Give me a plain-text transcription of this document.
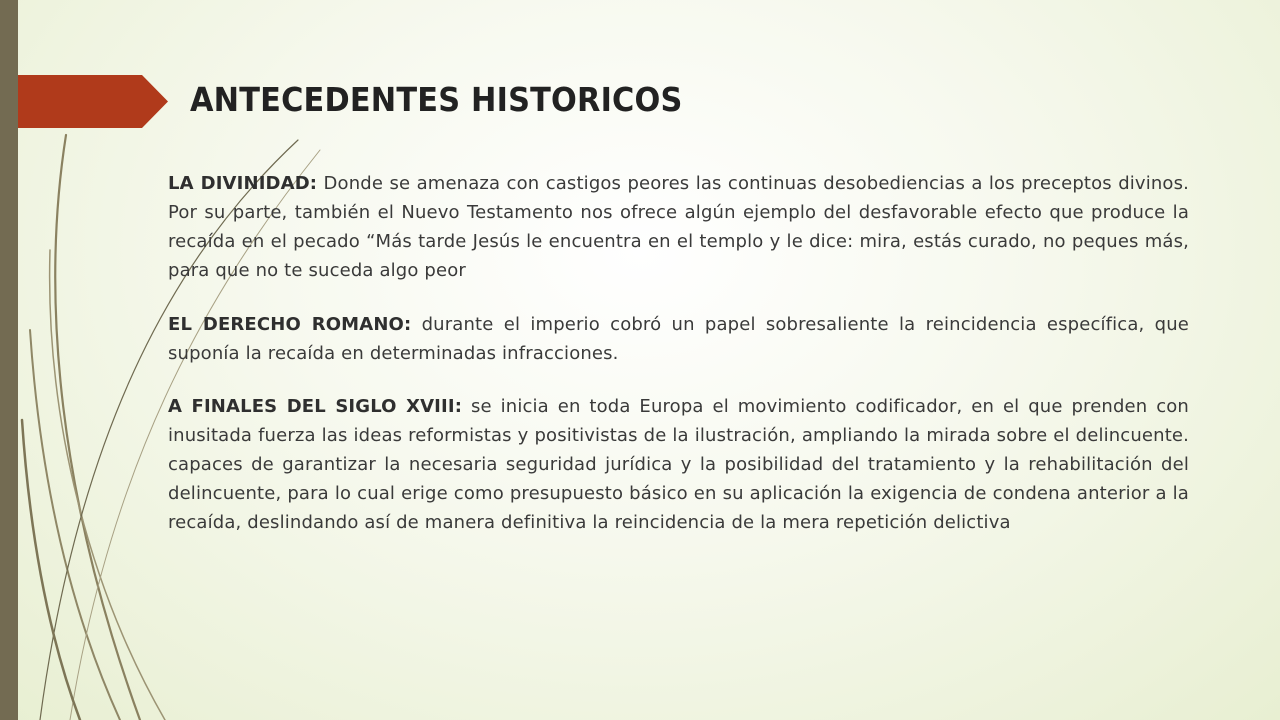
ANTECEDENTES HISTORICOS

LA DIVINIDAD: Donde se amenaza con castigos peores las continuas desobediencias a los preceptos divinos. Por su parte, también el Nuevo Testamento nos ofrece algún ejemplo del desfavorable efecto que produce la recaída en el pecado “Más tarde Jesús le encuentra en el templo y le dice: mira, estás curado, no peques más, para que no te suceda algo peor

EL DERECHO ROMANO: durante el imperio cobró un papel sobresaliente la reincidencia específica, que suponía la recaída en determinadas infracciones.

A FINALES DEL SIGLO XVIII: se inicia en toda Europa el movimiento codificador, en el que prenden con inusitada fuerza las ideas reformistas y positivistas de la ilustración, ampliando la mirada sobre el delincuente. capaces de garantizar la necesaria seguridad jurídica y la posibilidad del tratamiento y la rehabilitación del delincuente, para lo cual erige como presupuesto básico en su aplicación la exigencia de condena anterior a la recaída, deslindando así de manera definitiva la reincidencia de la mera repetición delictiva
